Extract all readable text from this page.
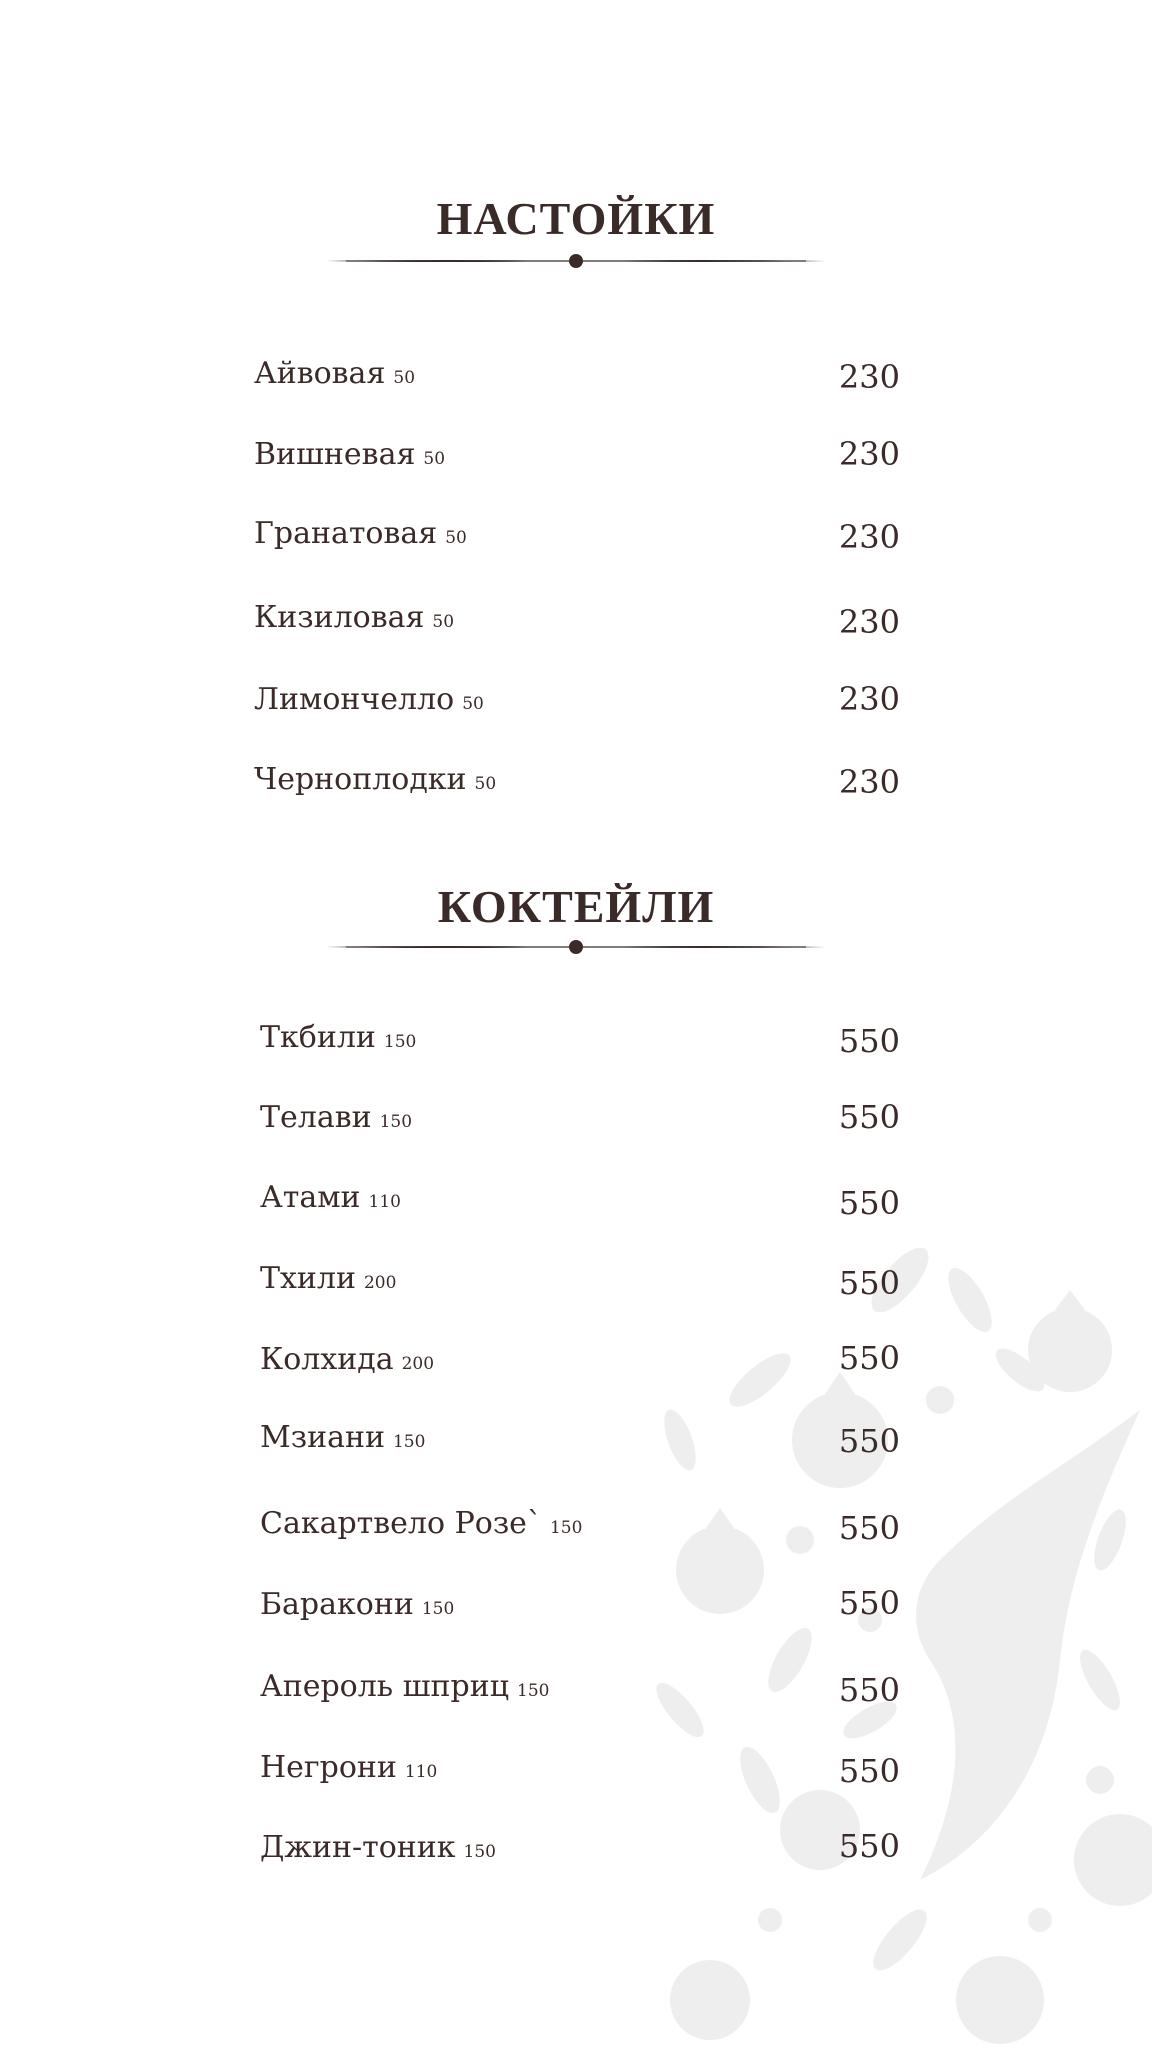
НАСТОЙКИ
Айвовая 50	230
Вишневая 50	230
Гранатовая 50	230
Кизиловая 50	230
Лимончелло 50	230
Черноплодки 50	230
КОКТЕЙЛИ
Ткбили 150	550
Телави 150	550
Атами 110	550
Тхили 200	550
Колхида 200	550
Мзиани 150	550
Сакартвело Розе` 150	550
Баракони 150	550
Апероль шприц 150	550
Негрони 110	550
Джин-тоник 150	550
